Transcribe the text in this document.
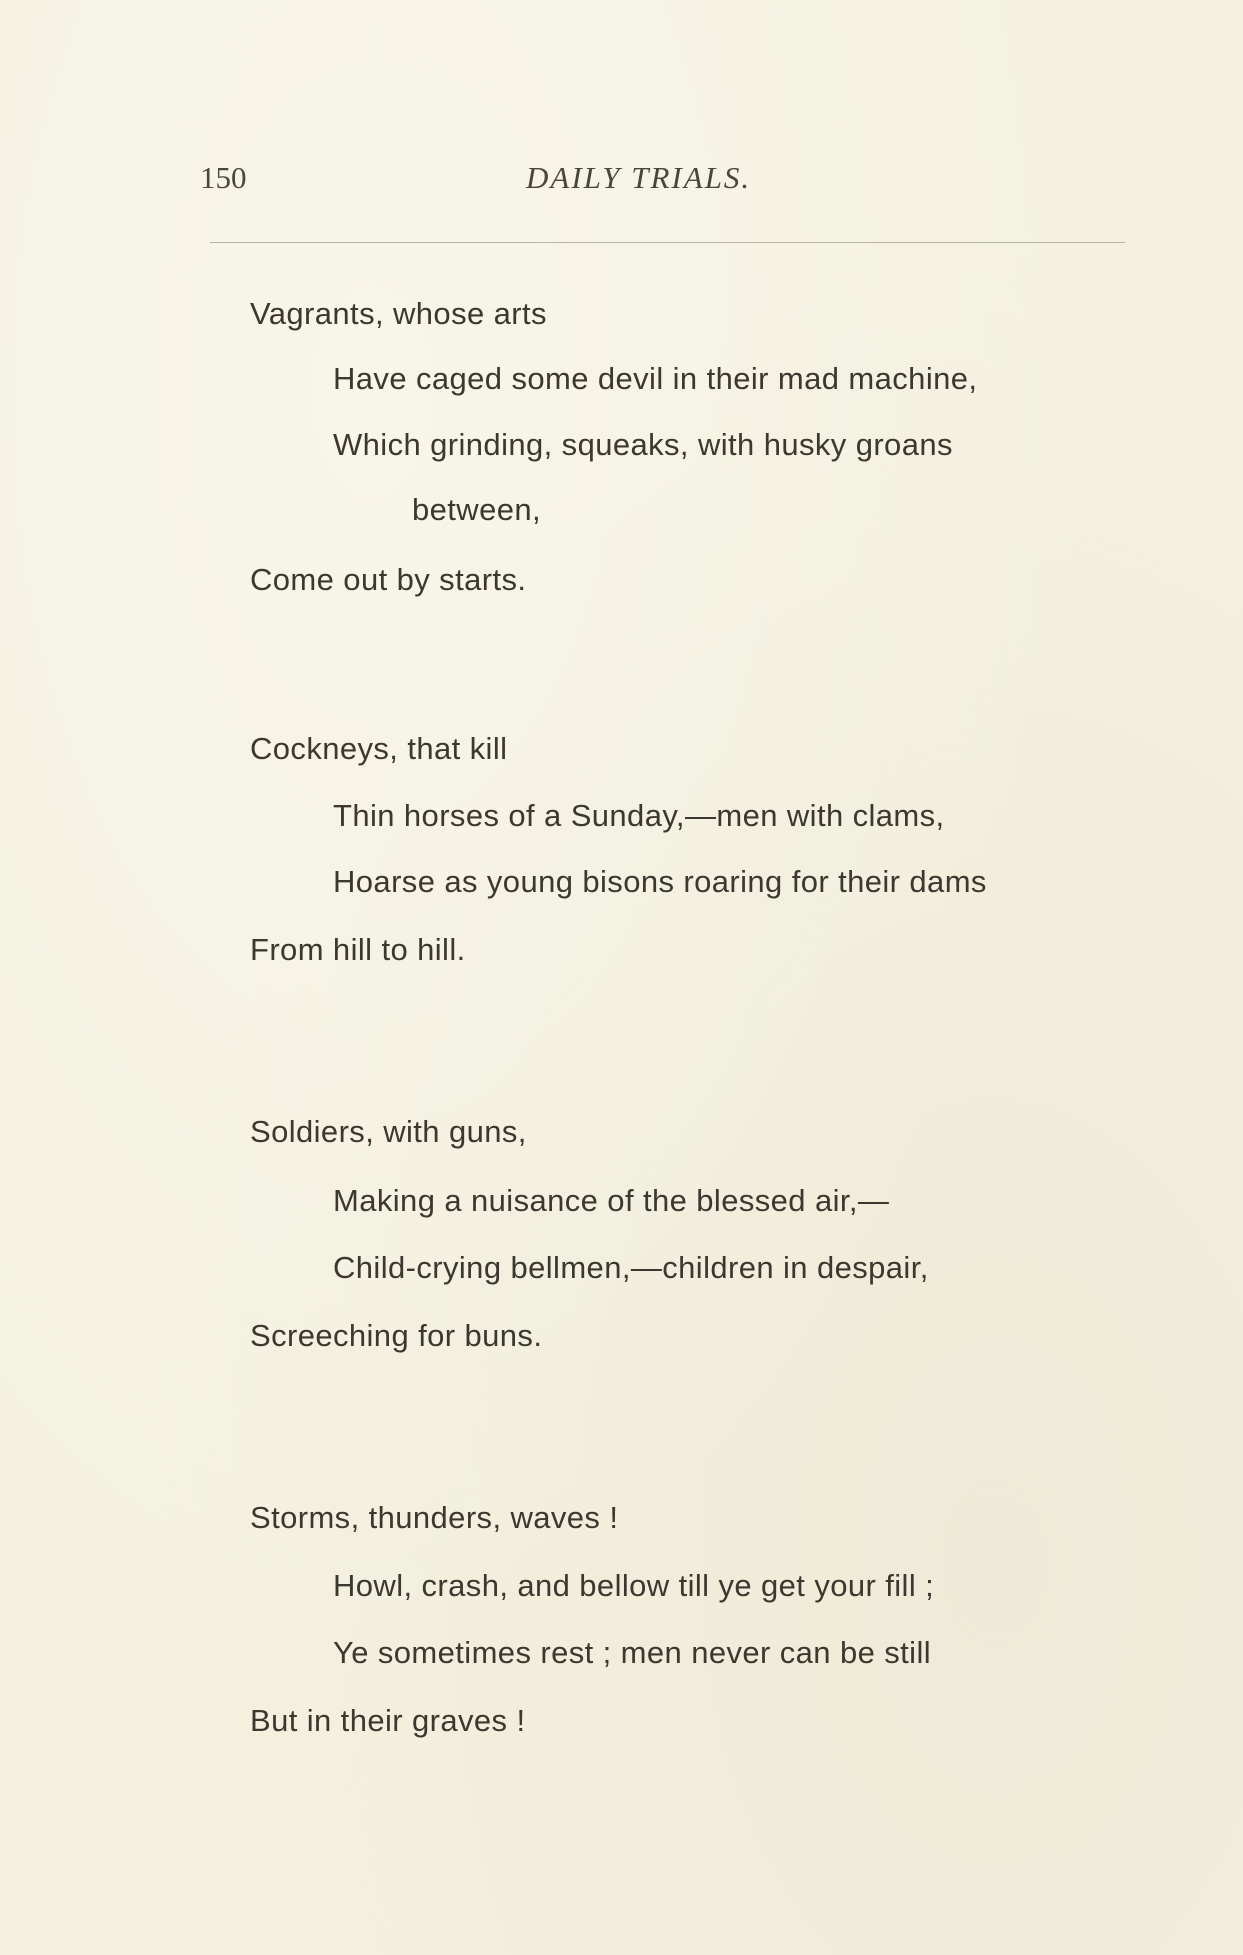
150	DAILY TRIALS.
Vagrants, whose arts
Have caged some devil in their mad machine,
Which grinding, squeaks, with husky groans
between,
Come out by starts.
Cockneys, that kill
Thin horses of a Sunday,—men with clams,
Hoarse as young bisons roaring for their dams
From hill to hill.
Soldiers, with guns,
Making a nuisance of the blessed air,—
Child-crying bellmen,—children in despair,
Screeching for buns.
Storms, thunders, waves !
Howl, crash, and bellow till ye get your fill ;
Ye sometimes rest ; men never can be still
But in their graves !
